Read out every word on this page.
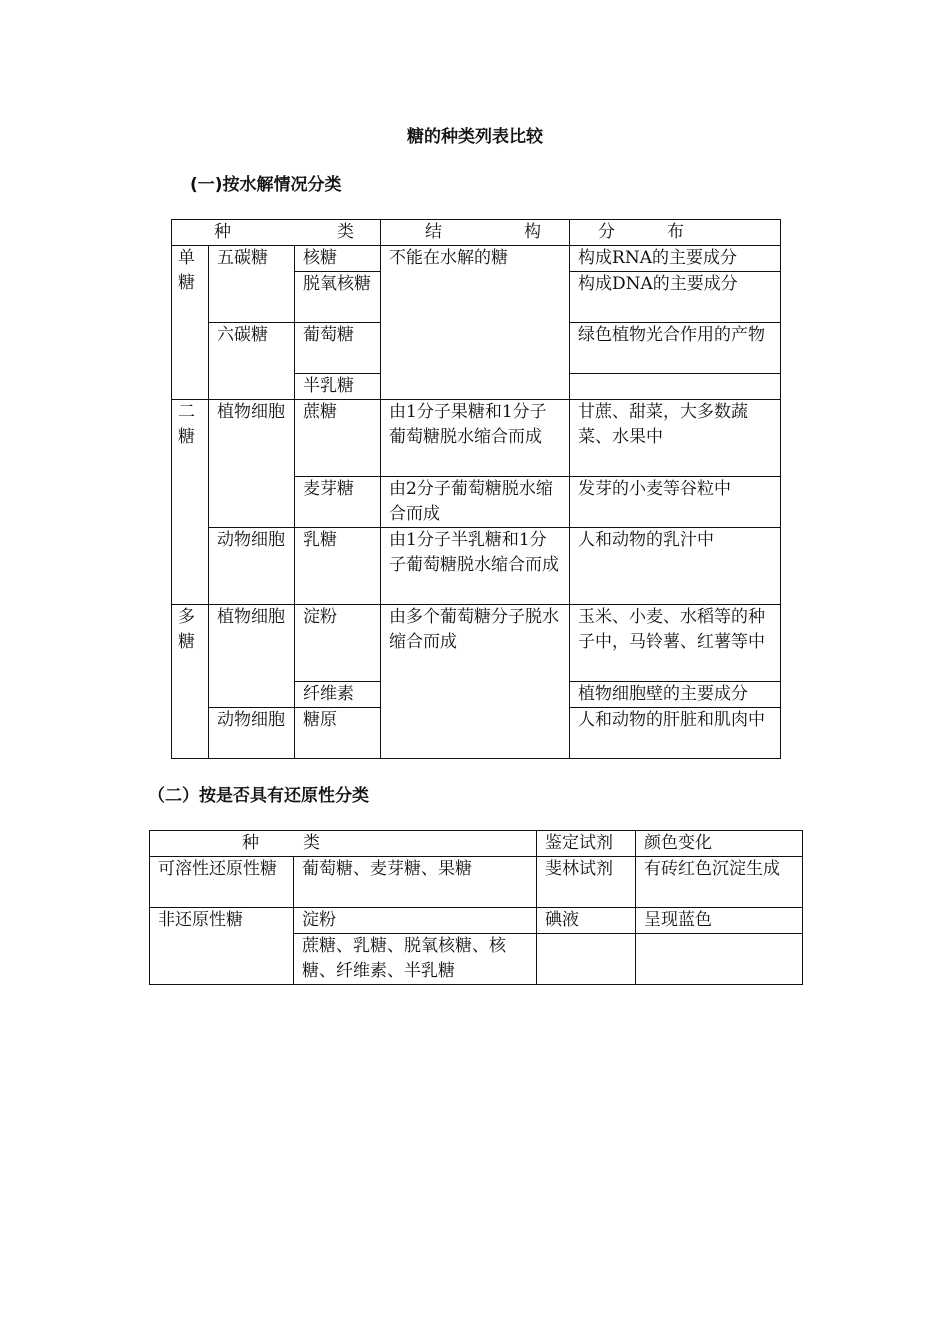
糖的种类列表比较
(一)按水解情况分类
种 类			结 构	分 布

单糖	五碳糖	核糖	不能在水解的糖	构成RNA的主要成分
		脱氧核糖		构成DNA的主要成分
	六碳糖	葡萄糖		绿色植物光合作用的产物
		半乳糖		
二糖	植物细胞	蔗糖	由1分子果糖和1分子葡萄糖脱水缩合而成	甘蔗、甜菜，大多数蔬菜、水果中
		麦芽糖	由2分子葡萄糖脱水缩合而成	发芽的小麦等谷粒中
	动物细胞	乳糖	由1分子半乳糖和1分子葡萄糖脱水缩合而成	人和动物的乳汁中
多糖	植物细胞	淀粉	由多个葡萄糖分子脱水缩合而成	玉米、小麦、水稻等的种子中，马铃薯、红薯等中
		纤维素		植物细胞壁的主要成分
	动物细胞	糖原		人和动物的肝脏和肌肉中
（二）按是否具有还原性分类
种 类		鉴定试剂	颜色变化
可溶性还原性糖	葡萄糖、麦芽糖、果糖	斐林试剂	有砖红色沉淀生成
非还原性糖	淀粉	碘液	呈现蓝色
	蔗糖、乳糖、脱氧核糖、核糖、纤维素、半乳糖		
